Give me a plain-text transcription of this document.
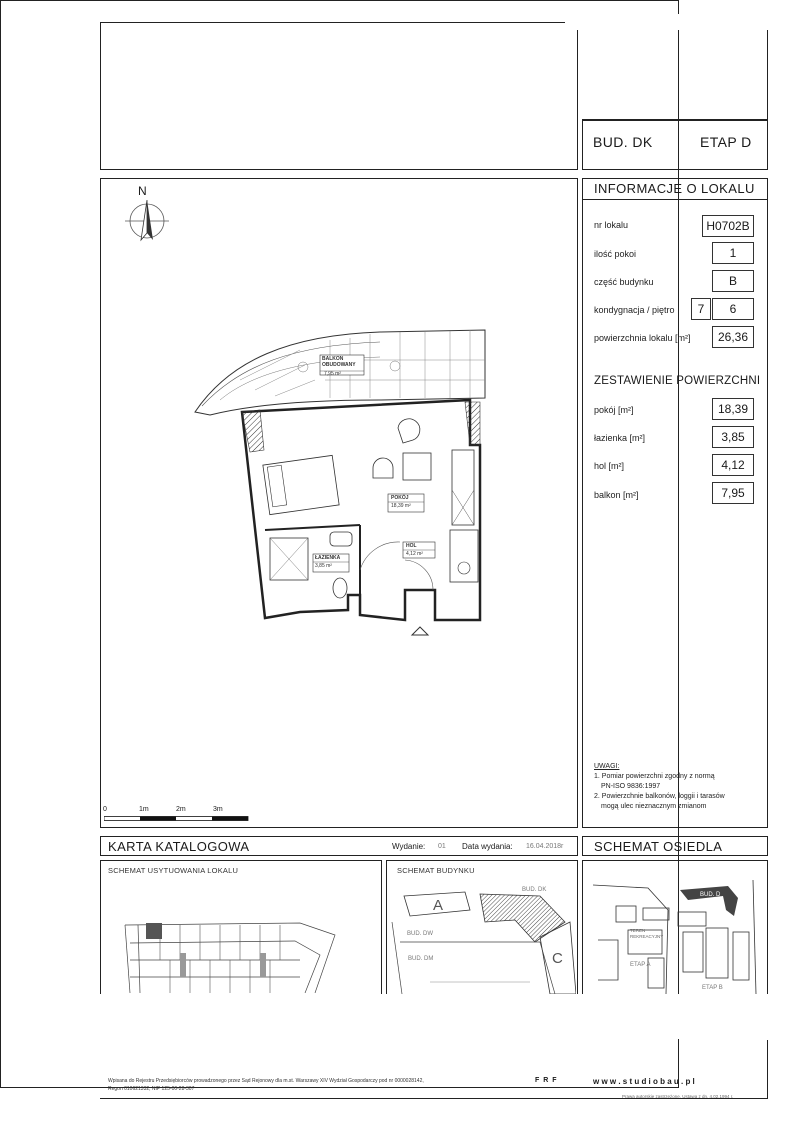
BUD. DK	ETAP D
INFORMACJE O LOKALU
nr lokalu	H0702B
ilość pokoi	1
część budynku	B
kondygnacja / piętro	7	6
powierzchnia lokalu [m²]	26,36
ZESTAWIENIE POWIERZCHNI
pokój [m²]	18,39
łazienka [m²]	3,85
hol [m²]	4,12
balkon [m²]	7,95
UWAGI:
1. Pomiar powierzchni zgodny z normą
PN-ISO 9836:1997
2. Powierzchnie balkonów, loggii i tarasów
mogą ulec nieznacznym zmianom
N
BALKON OBUDOWANY
7,95 m²
POKÓJ
18,39 m²
ŁAZIENKA
3,85 m²
HOL
4,12 m²
0	1m	2m	3m
KARTA KATALOGOWA	Wydanie: 01 Data wydania: 16.04.2018r SCHEMAT OSIEDLA
SCHEMAT USYTUOWANIA LOKALU	SCHEMAT BUDYNKU
BUD. DK
A
BUD. DW
BUD. DM	C
BUD. D
TEREN REKREACYJNY
ETAP A
ETAP B
Wpisana do Rejestru Przedsiębiorców prowadzonego przez Sąd Rejonowy dla m.st. Warszawy XIV Wydział Gospodarczy pod nr 0000028142,
Regon 010621332, NIP 125-00-28-307
F R F	w w w . s t u d i o b a u . p l
Prawa autorskie zastrzeżone. Ustawa z dn. 4.02.1994 r.
